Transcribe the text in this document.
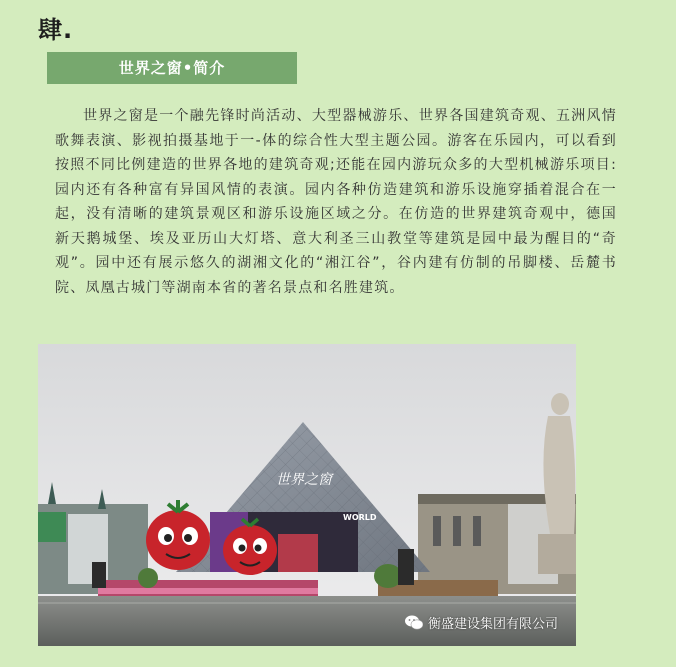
肆.
世界之窗•简介

世界之窗是一个融先锋时尚活动、大型器械游乐、世界各国建筑奇观、五洲风情歌舞表演、影视拍摄基地于一-体的综合性大型主题公园。游客在乐园内，可以看到按照不同比例建造的世界各地的建筑奇观;还能在园内游玩众多的大型机械游乐项目:园内还有各种富有异国风情的表演。园内各种仿造建筑和游乐设施穿插着混合在一起，没有清晰的建筑景观区和游乐设施区域之分。在仿造的世界建筑奇观中，德国新天鹅城堡、埃及亚历山大灯塔、意大利圣三山教堂等建筑是园中最为醒目的“奇观”。园中还有展示悠久的湖湘文化的“湘江谷”，谷内建有仿制的吊脚楼、岳麓书院、凤凰古城门等湖南本省的著名景点和名胜建筑。

世界之窗
WORLD
衡盛建设集团有限公司
